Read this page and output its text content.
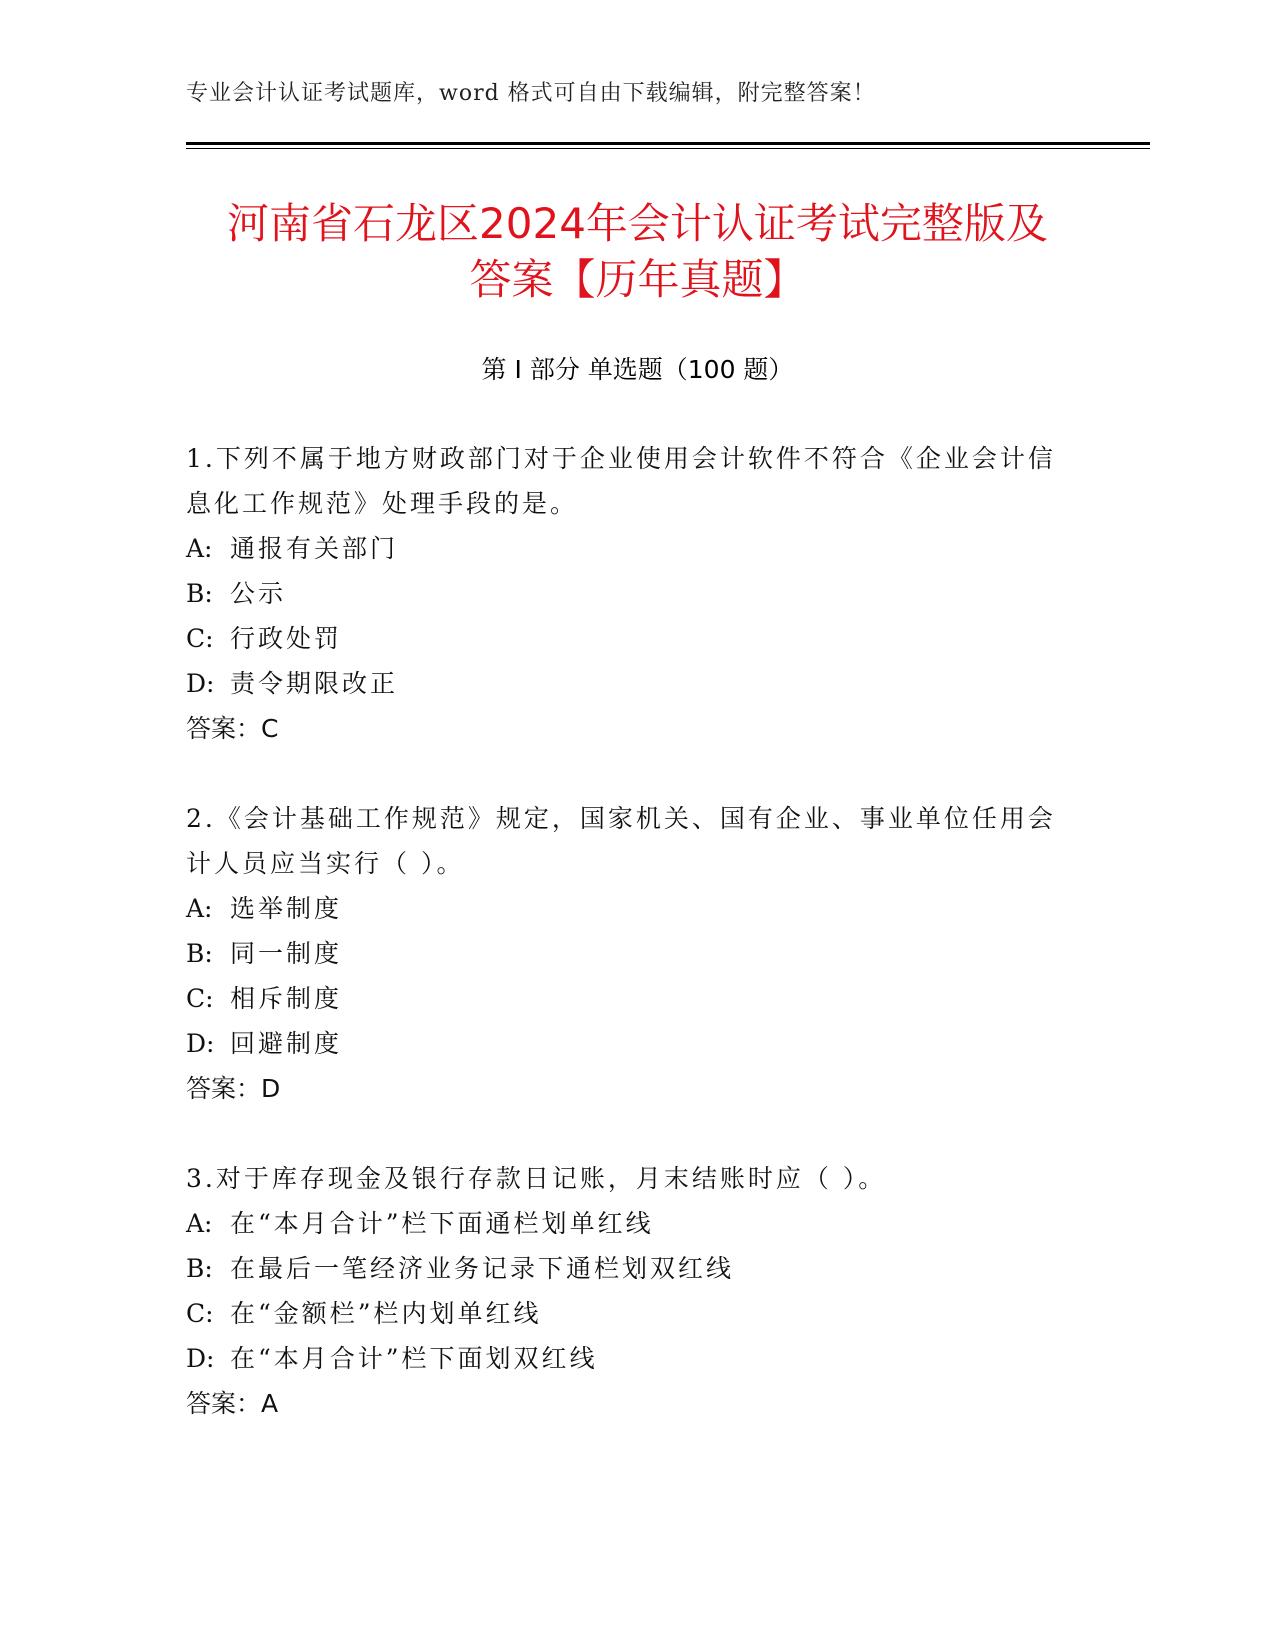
专业会计认证考试题库，word 格式可自由下载编辑，附完整答案！
河南省石龙区2024年会计认证考试完整版及
答案【历年真题】
第 I 部分 单选题（100 题）

1.下列不属于地方财政部门对于企业使用会计软件不符合《企业会计信息化工作规范》处理手段的是。

A: 通报有关部门
B: 公示
C: 行政处罚
D: 责令期限改正
答案：C

2.《会计基础工作规范》规定，国家机关、国有企业、事业单位任用会计人员应当实行（ ）。

A: 选举制度
B: 同一制度
C: 相斥制度
D: 回避制度
答案：D

3.对于库存现金及银行存款日记账，月末结账时应（ ）。

A: 在“本月合计”栏下面通栏划单红线
B: 在最后一笔经济业务记录下通栏划双红线
C: 在“金额栏”栏内划单红线
D: 在“本月合计”栏下面划双红线
答案：A
